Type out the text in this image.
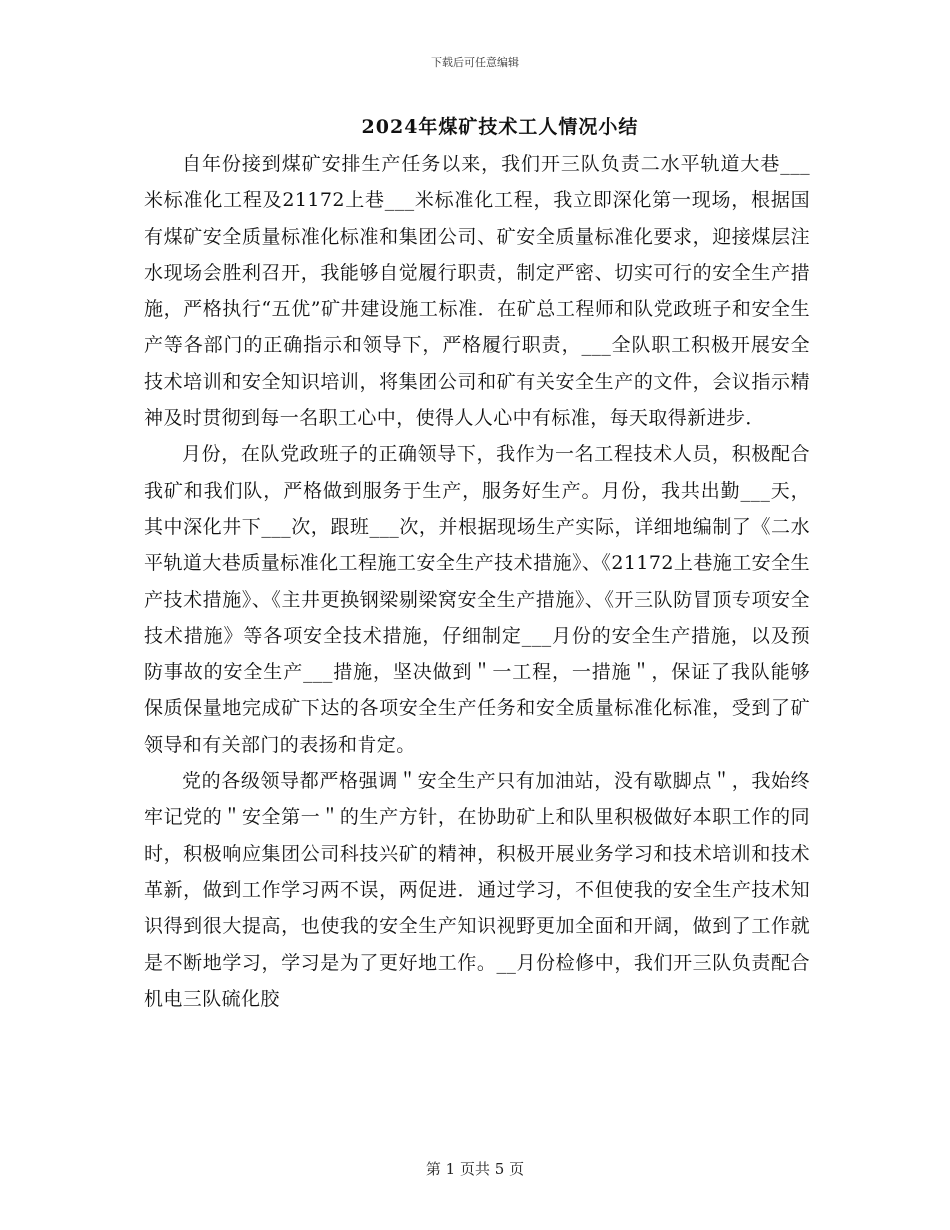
下载后可任意编辑
2024年煤矿技术工人情况小结

自年份接到煤矿安排生产任务以来，我们开三队负责二水平轨道大巷___米标准化工程及21172上巷___米标准化工程，我立即深化第一现场，根据国有煤矿安全质量标准化标准和集团公司、矿安全质量标准化要求，迎接煤层注水现场会胜利召开，我能够自觉履行职责，制定严密、切实可行的安全生产措施，严格执行“五优”矿井建设施工标准．在矿总工程师和队党政班子和安全生产等各部门的正确指示和领导下，严格履行职责，___全队职工积极开展安全技术培训和安全知识培训，将集团公司和矿有关安全生产的文件，会议指示精神及时贯彻到每一名职工心中，使得人人心中有标准，每天取得新进步．

月份，在队党政班子的正确领导下，我作为一名工程技术人员，积极配合我矿和我们队，严格做到服务于生产，服务好生产。月份，我共出勤___天，其中深化井下___次，跟班___次，并根据现场生产实际，详细地编制了《二水平轨道大巷质量标准化工程施工安全生产技术措施》、《21172上巷施工安全生产技术措施》、《主井更换钢梁剔梁窝安全生产措施》、《开三队防冒顶专项安全技术措施》等各项安全技术措施，仔细制定___月份的安全生产措施，以及预防事故的安全生产___措施，坚决做到＂一工程，一措施＂，保证了我队能够保质保量地完成矿下达的各项安全生产任务和安全质量标准化标准，受到了矿领导和有关部门的表扬和肯定。

党的各级领导都严格强调＂安全生产只有加油站，没有歇脚点＂，我始终牢记党的＂安全第一＂的生产方针，在协助矿上和队里积极做好本职工作的同时，积极响应集团公司科技兴矿的精神，积极开展业务学习和技术培训和技术革新，做到工作学习两不误，两促进．通过学习，不但使我的安全生产技术知识得到很大提高，也使我的安全生产知识视野更加全面和开阔，做到了工作就是不断地学习，学习是为了更好地工作。__月份检修中，我们开三队负责配合机电三队硫化胶

第 1 页共 5 页
